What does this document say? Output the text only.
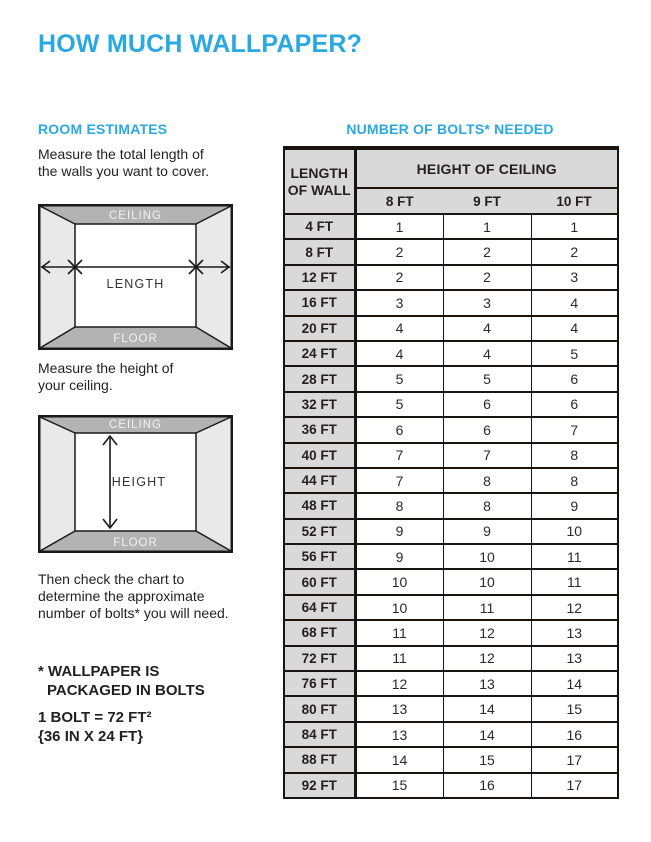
HOW MUCH WALLPAPER?
ROOM ESTIMATES	NUMBER OF BOLTS* NEEDED
Measure the total length of
the walls you want to cover.
CEILING
FLOOR
LENGTH
Measure the height of
your ceiling.
CEILING
FLOOR
HEIGHT
Then check the chart to
determine the approximate
number of bolts* you will need.
* WALLPAPER IS
PACKAGED IN BOLTS
1 BOLT = 72 FT²
{36 IN X 24 FT}
LENGTH
OF WALL	HEIGHT OF CEILING		
	8 FT	9 FT	10 FT
4 FT	1	1	1
8 FT	2	2	2
12 FT	2	2	3
16 FT	3	3	4
20 FT	4	4	4
24 FT	4	4	5
28 FT	5	5	6
32 FT	5	6	6
36 FT	6	6	7
40 FT	7	7	8
44 FT	7	8	8
48 FT	8	8	9
52 FT	9	9	10
56 FT	9	10	11
60 FT	10	10	11
64 FT	10	11	12
68 FT	11	12	13
72 FT	11	12	13
76 FT	12	13	14
80 FT	13	14	15
84 FT	13	14	16
88 FT	14	15	17
92 FT	15	16	17
